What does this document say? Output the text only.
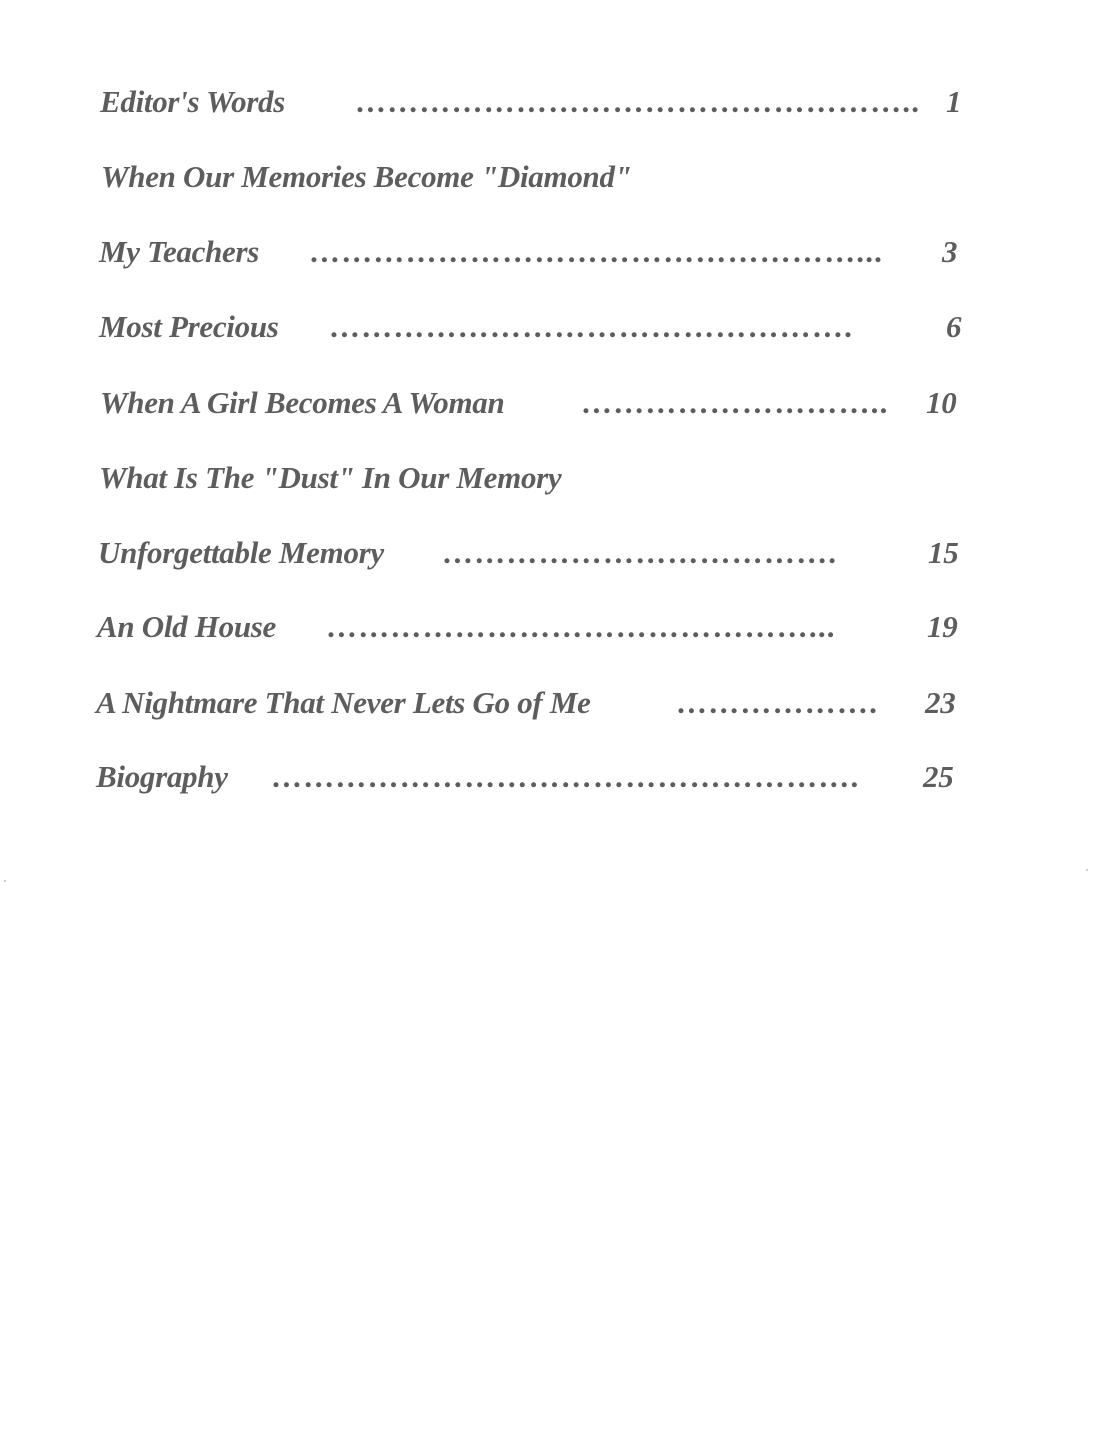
Editor's Words …………………………………………….. 1
When Our Memories Become "Diamond"
My Teachers ……………………………………………... 3
Most Precious ………………………………………….	6
When A Girl Becomes A Woman	……………………….. 10
What Is The "Dust" In Our Memory
Unforgettable Memory ……………………………….	15
An Old House ………………………………………...	19
A Nightmare That Never Lets Go of Me	………………. 23
Biography ………………………………………………. 25
